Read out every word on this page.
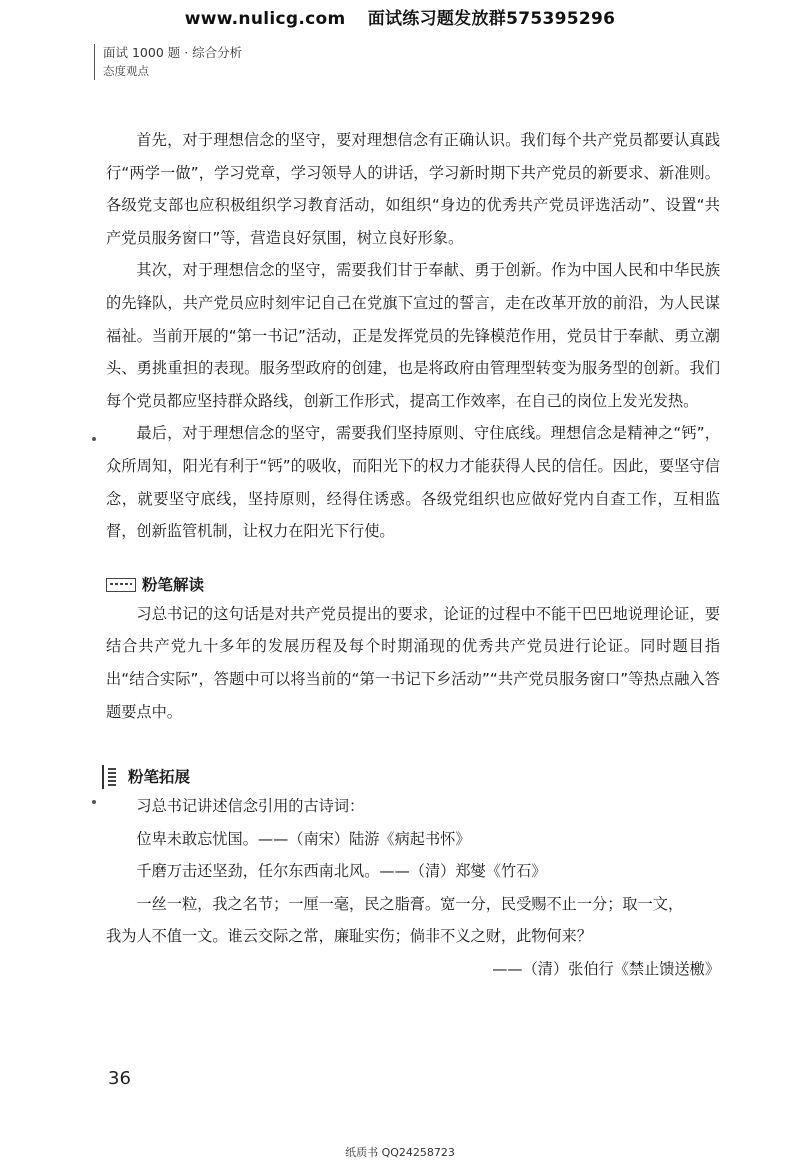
www.nulicg.com 面试练习题发放群575395296
面试 1000 题 · 综合分析
态度观点

首先，对于理想信念的坚守，要对理想信念有正确认识。我们每个共产党员都要认真践行“两学一做”，学习党章，学习领导人的讲话，学习新时期下共产党员的新要求、新准则。各级党支部也应积极组织学习教育活动，如组织“身边的优秀共产党员评选活动”、设置“共产党员服务窗口”等，营造良好氛围，树立良好形象。

其次，对于理想信念的坚守，需要我们甘于奉献、勇于创新。作为中国人民和中华民族的先锋队，共产党员应时刻牢记自己在党旗下宣过的誓言，走在改革开放的前沿，为人民谋福祉。当前开展的“第一书记”活动，正是发挥党员的先锋模范作用，党员甘于奉献、勇立潮头、勇挑重担的表现。服务型政府的创建，也是将政府由管理型转变为服务型的创新。我们每个党员都应坚持群众路线，创新工作形式，提高工作效率，在自己的岗位上发光发热。

最后，对于理想信念的坚守，需要我们坚持原则、守住底线。理想信念是精神之“钙”，众所周知，阳光有利于“钙”的吸收，而阳光下的权力才能获得人民的信任。因此，要坚守信念，就要坚守底线，坚持原则，经得住诱惑。各级党组织也应做好党内自查工作，互相监督，创新监管机制，让权力在阳光下行使。

粉笔解读

习总书记的这句话是对共产党员提出的要求，论证的过程中不能干巴巴地说理论证，要结合共产党九十多年的发展历程及每个时期涌现的优秀共产党员进行论证。同时题目指出“结合实际”，答题中可以将当前的“第一书记下乡活动”“共产党员服务窗口”等热点融入答题要点中。

粉笔拓展

习总书记讲述信念引用的古诗词：

位卑未敢忘忧国。——（南宋）陆游《病起书怀》

千磨万击还坚劲，任尔东西南北风。——（清）郑燮《竹石》

一丝一粒，我之名节；一厘一毫，民之脂膏。宽一分，民受赐不止一分；取一文，

我为人不值一文。谁云交际之常，廉耻实伤；倘非不义之财，此物何来？

——（清）张伯行《禁止馈送檄》

36
纸质书 QQ24258723
